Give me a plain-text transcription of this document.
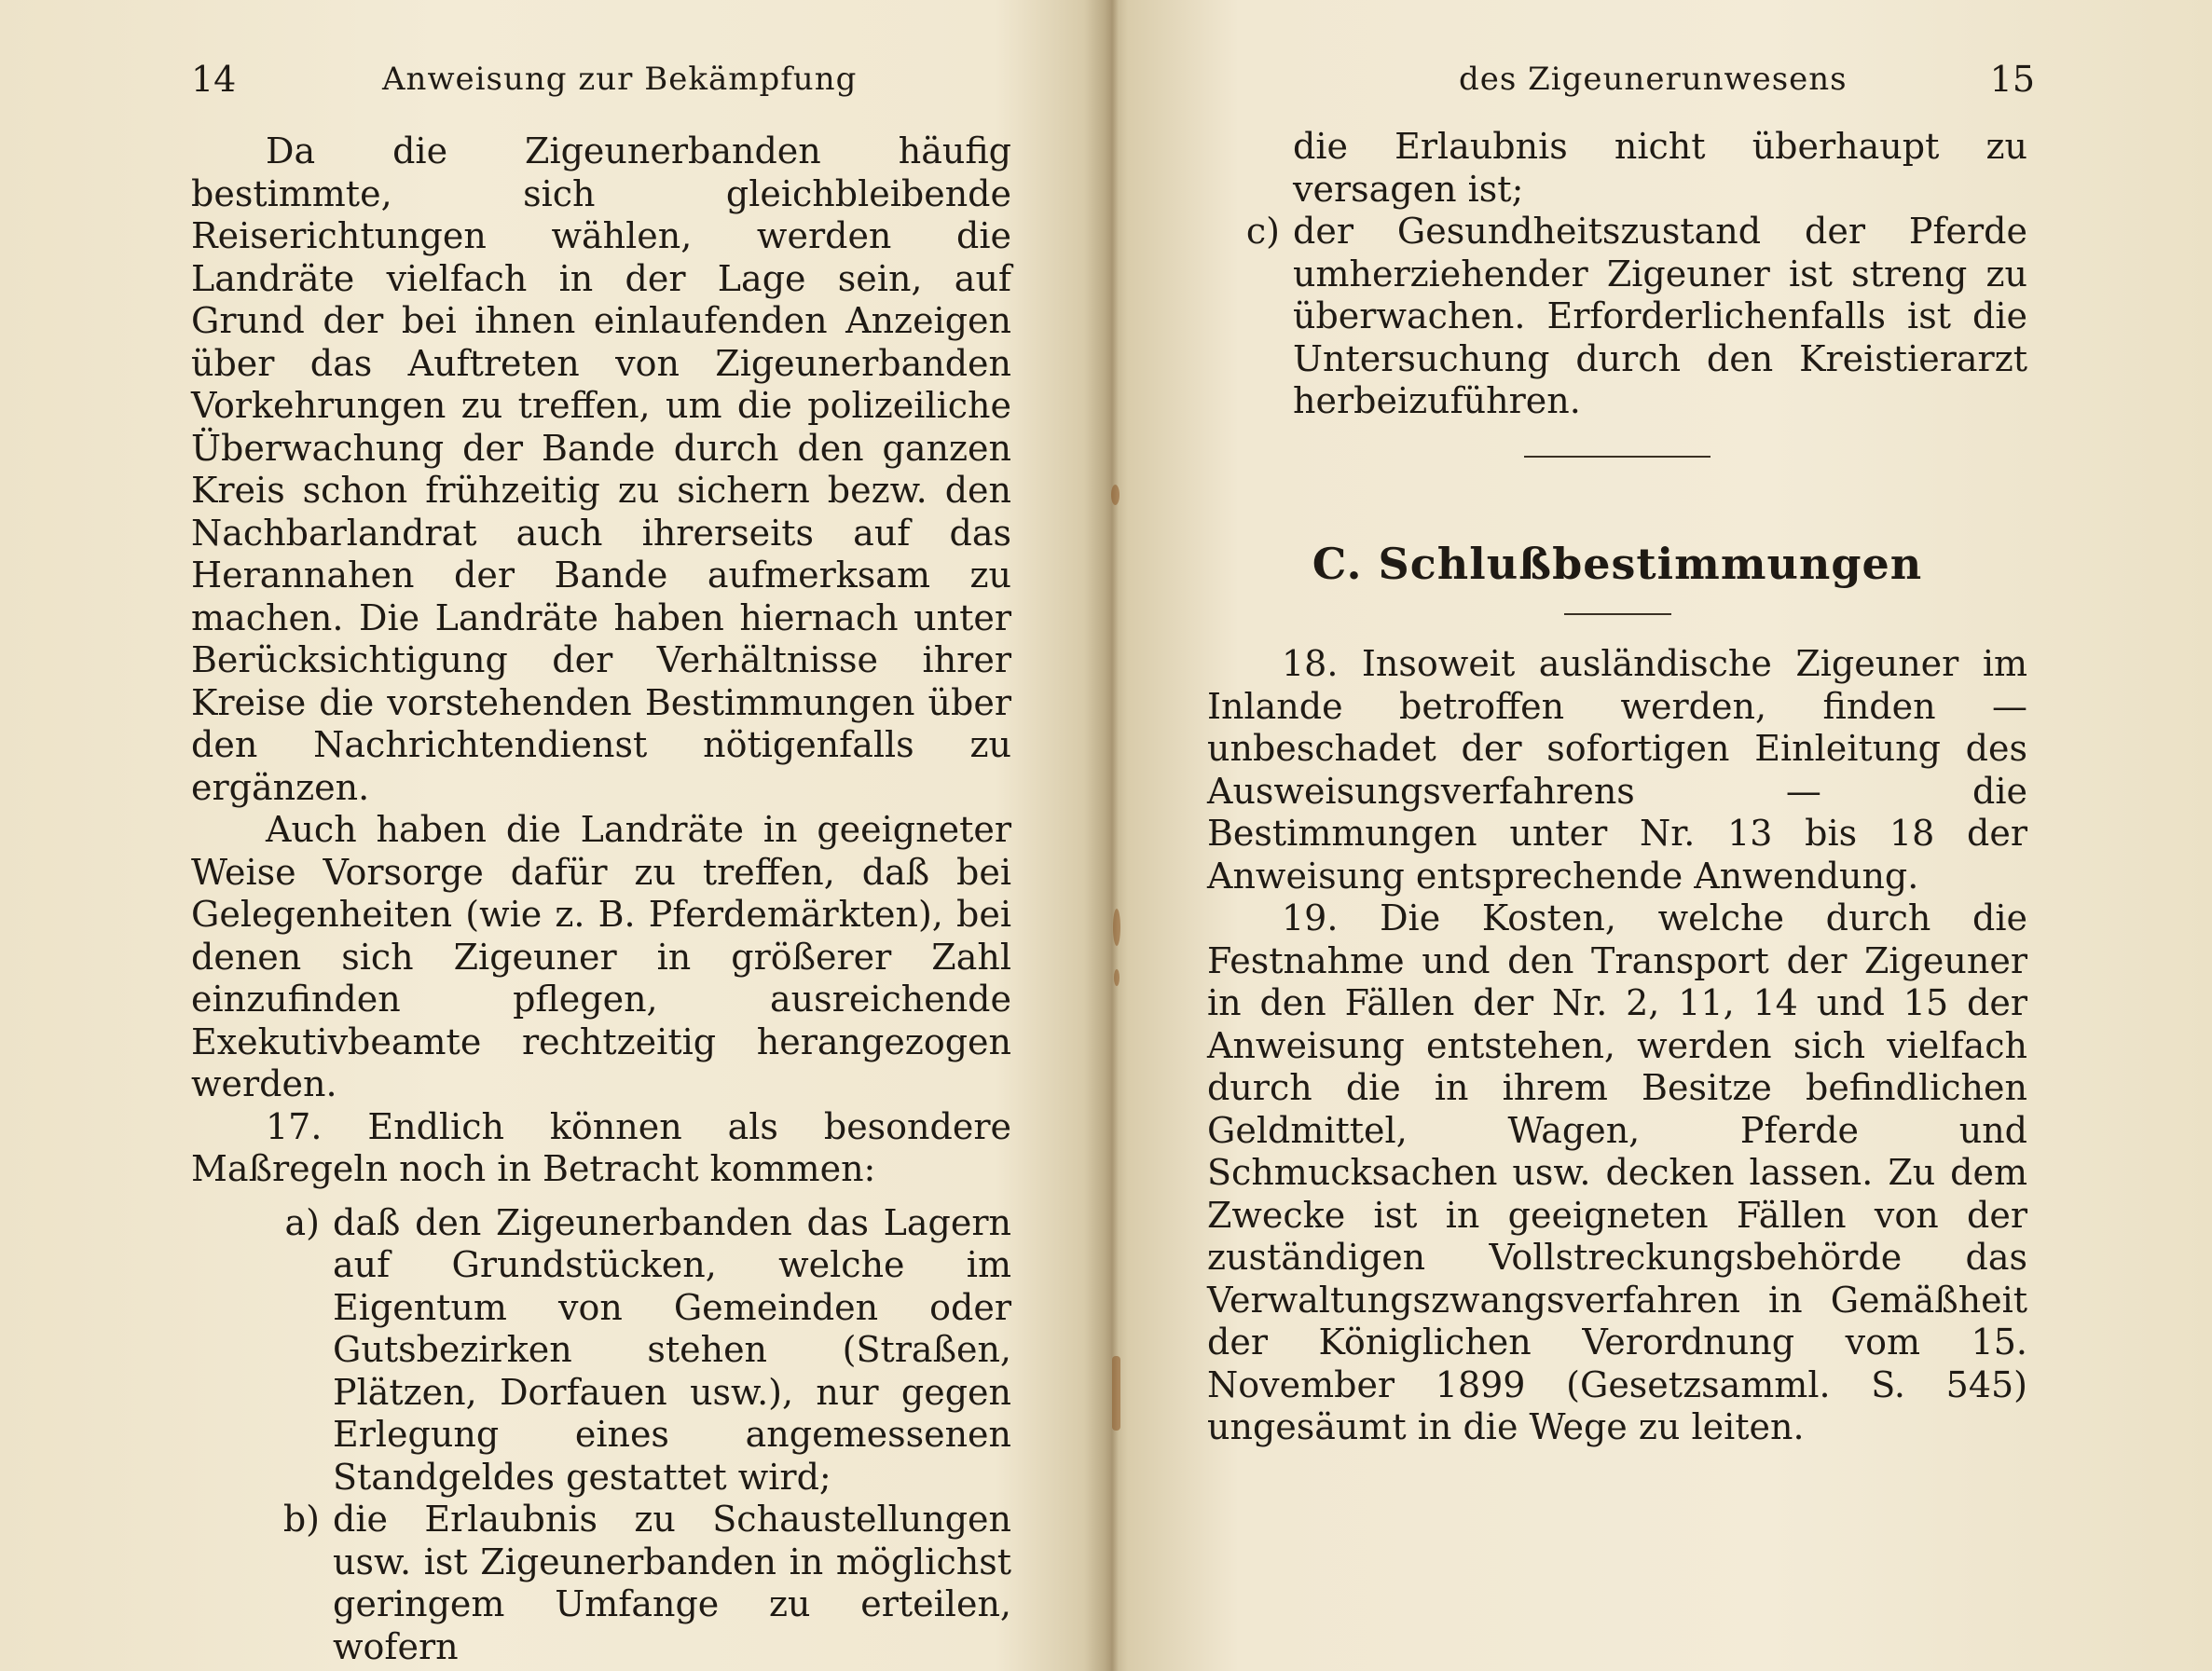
14	Anweisung zur Bekämpfung

Da die Zigeunerbanden häufig bestimmte, sich gleichbleibende Reiserichtungen wählen, werden die Landräte vielfach in der Lage sein, auf Grund der bei ihnen einlaufenden Anzeigen über das Auftreten von Zigeunerbanden Vorkehrungen zu treffen, um die polizeiliche Überwachung der Bande durch den ganzen Kreis schon frühzeitig zu sichern bezw. den Nachbarlandrat auch ihrerseits auf das Herannahen der Bande aufmerksam zu machen. Die Landräte haben hiernach unter Berücksichtigung der Verhältnisse ihrer Kreise die vorstehenden Bestimmungen über den Nachrichtendienst nötigenfalls zu ergänzen.

Auch haben die Landräte in geeigneter Weise Vorsorge dafür zu treffen, daß bei Gelegenheiten (wie z. B. Pferdemärkten), bei denen sich Zigeuner in größerer Zahl einzufinden pflegen, ausreichende Exekutivbeamte rechtzeitig herangezogen werden.

17. Endlich können als besondere Maßregeln noch in Betracht kommen:

a) daß den Zigeunerbanden das Lagern auf Grundstücken, welche im Eigentum von Gemeinden oder Gutsbezirken stehen (Straßen, Plätzen, Dorfauen usw.), nur gegen Erlegung eines angemessenen Standgeldes gestattet wird;
b) die Erlaubnis zu Schaustellungen usw. ist Zigeunerbanden in möglichst geringem Umfange zu erteilen, wofern
des Zigeunerunwesens	15
die Erlaubnis nicht überhaupt zu versagen ist;
c) der Gesundheitszustand der Pferde umherziehender Zigeuner ist streng zu überwachen. Erforderlichenfalls ist die Untersuchung durch den Kreistierarzt herbeizuführen.
C. Schlußbestimmungen

18. Insoweit ausländische Zigeuner im Inlande betroffen werden, finden — unbeschadet der sofortigen Einleitung des Ausweisungsverfahrens — die Bestimmungen unter Nr. 13 bis 18 der Anweisung entsprechende Anwendung.

19. Die Kosten, welche durch die Festnahme und den Transport der Zigeuner in den Fällen der Nr. 2, 11, 14 und 15 der Anweisung entstehen, werden sich vielfach durch die in ihrem Besitze befindlichen Geldmittel, Wagen, Pferde und Schmucksachen usw. decken lassen. Zu dem Zwecke ist in geeigneten Fällen von der zuständigen Vollstreckungsbehörde das Verwaltungszwangsverfahren in Gemäßheit der Königlichen Verordnung vom 15. November 1899 (Gesetzsamml. S. 545) ungesäumt in die Wege zu leiten.
